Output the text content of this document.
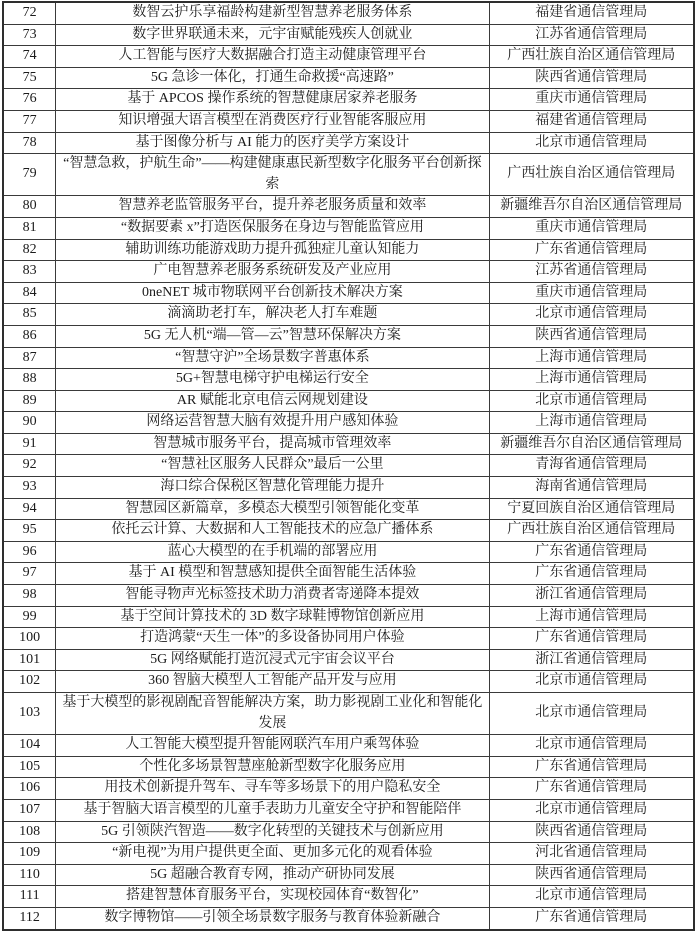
72	数智云护乐享福龄构建新型智慧养老服务体系	福建省通信管理局
73	数字世界联通未来，元宇宙赋能残疾人创就业	江苏省通信管理局
74	人工智能与医疗大数据融合打造主动健康管理平台	广西壮族自治区通信管理局
75	5G 急诊一体化，打通生命救援“高速路”	陕西省通信管理局
76	基于 APCOS 操作系统的智慧健康居家养老服务	重庆市通信管理局
77	知识增强大语言模型在消费医疗行业智能客服应用	福建省通信管理局
78	基于图像分析与 AI 能力的医疗美学方案设计	北京市通信管理局
79	“智慧急救，护航生命”——构建健康惠民新型数字化服务平台创新探索	广西壮族自治区通信管理局
80	智慧养老监管服务平台，提升养老服务质量和效率	新疆维吾尔自治区通信管理局
81	“数据要素 x”打造医保服务在身边与智能监管应用	重庆市通信管理局
82	辅助训练功能游戏助力提升孤独症儿童认知能力	广东省通信管理局
83	广电智慧养老服务系统研发及产业应用	江苏省通信管理局
84	0neNET 城市物联网平台创新技术解决方案	重庆市通信管理局
85	滴滴助老打车，解决老人打车难题	北京市通信管理局
86	5G 无人机“端—管—云”智慧环保解决方案	陕西省通信管理局
87	“智慧守沪”全场景数字普惠体系	上海市通信管理局
88	5G+智慧电梯守护电梯运行安全	上海市通信管理局
89	AR 赋能北京电信云网规划建设	北京市通信管理局
90	网络运营智慧大脑有效提升用户感知体验	上海市通信管理局
91	智慧城市服务平台，提高城市管理效率	新疆维吾尔自治区通信管理局
92	“智慧社区服务人民群众”最后一公里	青海省通信管理局
93	海口综合保税区智慧化管理能力提升	海南省通信管理局
94	智慧园区新篇章，多模态大模型引领智能化变革	宁夏回族自治区通信管理局
95	依托云计算、大数据和人工智能技术的应急广播体系	广西壮族自治区通信管理局
96	蓝心大模型的在手机端的部署应用	广东省通信管理局
97	基于 AI 模型和智慧感知提供全面智能生活体验	广东省通信管理局
98	智能寻物声光标签技术助力消费者寄递降本提效	浙江省通信管理局
99	基于空间计算技术的 3D 数字球鞋博物馆创新应用	上海市通信管理局
100	打造鸿蒙“天生一体”的多设备协同用户体验	广东省通信管理局
101	5G 网络赋能打造沉浸式元宇宙会议平台	浙江省通信管理局
102	360 智脑大模型人工智能产品开发与应用	北京市通信管理局
103	基于大模型的影视剧配音智能解决方案，助力影视剧工业化和智能化发展	北京市通信管理局
104	人工智能大模型提升智能网联汽车用户乘驾体验	北京市通信管理局
105	个性化多场景智慧座舱新型数字化服务应用	广东省通信管理局
106	用技术创新提升驾车、寻车等多场景下的用户隐私安全	广东省通信管理局
107	基于智脑大语言模型的儿童手表助力儿童安全守护和智能陪伴	北京市通信管理局
108	5G 引领陕汽智造——数字化转型的关键技术与创新应用	陕西省通信管理局
109	“新电视”为用户提供更全面、更加多元化的观看体验	河北省通信管理局
110	5G 超融合教育专网，推动产研协同发展	陕西省通信管理局
111	搭建智慧体育服务平台，实现校园体育“数智化”	北京市通信管理局
112	数字博物馆——引领全场景数字服务与教育体验新融合	广东省通信管理局
